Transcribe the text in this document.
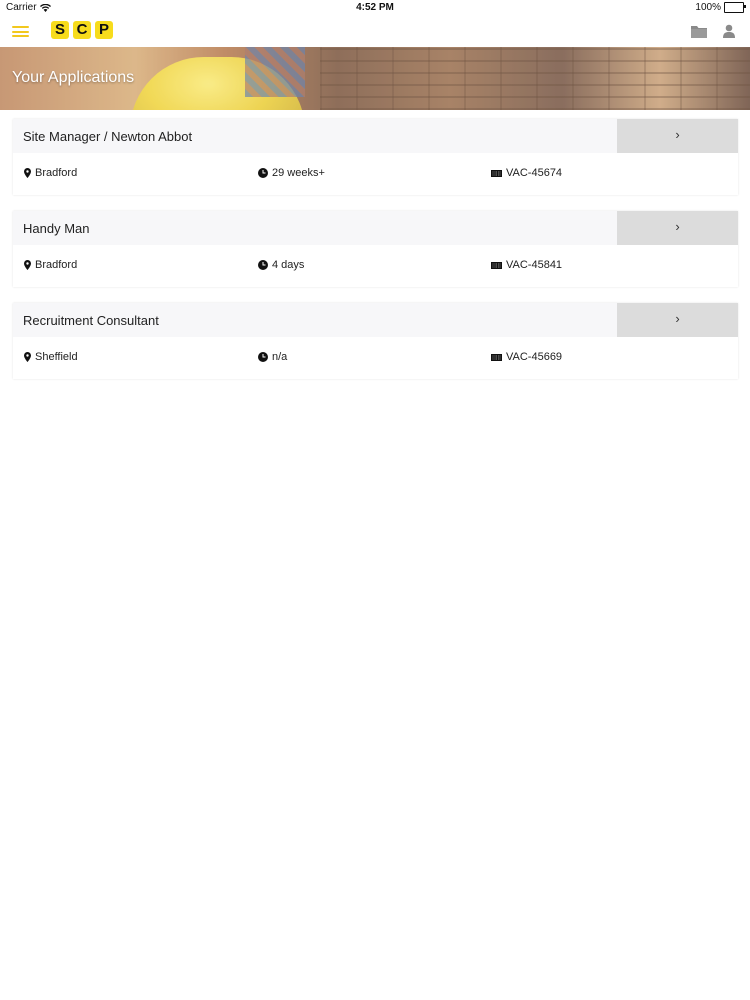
Carrier	4:52 PM	100%
S C P
Your Applications
Site Manager / Newton Abbot	›
Bradford	29 weeks+	VAC-45674
Handy Man	›
Bradford	4 days	VAC-45841
Recruitment Consultant	›
Sheffield	n/a	VAC-45669
